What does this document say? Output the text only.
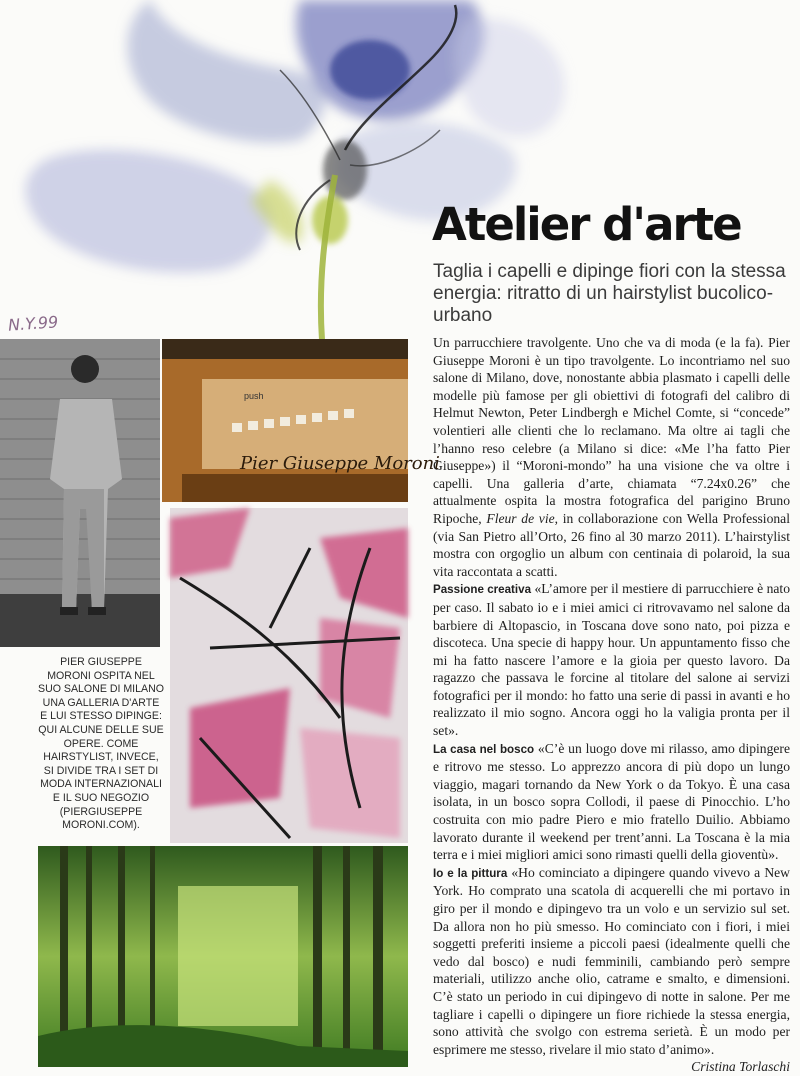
Atelier d'arte

Taglia i capelli e dipinge fiori con la stessa energia: ritratto di un hairstylist bucolico-urbano

N.Y.99
push
Pier Giuseppe Moroni

PIER GIUSEPPE MORONI OSPITA NEL SUO SALONE DI MILANO UNA GALLERIA D'ARTE E LUI STESSO DIPINGE: QUI ALCUNE DELLE SUE OPERE. COME HAIRSTYLIST, INVECE, SI DIVIDE TRA I SET DI MODA INTERNAZIONALI E IL SUO NEGOZIO (PIERGIUSEPPE MORONI.COM).

Un parrucchiere travolgente. Uno che va di moda (e la fa). Pier Giuseppe Moroni è un tipo travolgente. Lo incontriamo nel suo salone di Milano, dove, nonostante abbia plasmato i capelli delle modelle più famose per gli obiettivi di fotografi del calibro di Helmut Newton, Peter Lindbergh e Michel Comte, si “concede” volentieri alle clienti che lo reclamano. Ma oltre ai tagli che l’hanno reso celebre (a Milano si dice: «Me l’ha fatto Pier Giuseppe») il “Moroni-mondo” ha una visione che va oltre i capelli. Una galleria d’arte, chiamata “7.24x0.26” che attualmente ospita la mostra fotografica del parigino Bruno Ripoche, Fleur de vie, in collaborazione con Wella Professional (via San Pietro all’Orto, 26 fino al 30 marzo 2011). L’hairstylist mostra con orgoglio un album con centinaia di polaroid, la sua vita raccontata a scatti.

Passione creativa «L’amore per il mestiere di parrucchiere è nato per caso. Il sabato io e i miei amici ci ritrovavamo nel salone da barbiere di Altopascio, in Toscana dove sono nato, poi pizza e discoteca. Una specie di happy hour. Un appuntamento fisso che mi ha fatto nascere l’amore e la gioia per questo lavoro. Da ragazzo che passava le forcine al titolare del salone ai servizi fotografici per il mondo: ho fatto una serie di passi in avanti e ho realizzato il mio sogno. Ancora oggi ho la valigia pronta per il set».

La casa nel bosco «C’è un luogo dove mi rilasso, amo dipingere e ritrovo me stesso. Lo apprezzo ancora di più dopo un lungo viaggio, magari tornando da New York o da Tokyo. È una casa isolata, in un bosco sopra Collodi, il paese di Pinocchio. L’ho costruita con mio padre Piero e mio fratello Duilio. Abbiamo lavorato durante il weekend per trent’anni. La Toscana è la mia terra e i miei migliori amici sono rimasti quelli della gioventù».

Io e la pittura «Ho cominciato a dipingere quando vivevo a New York. Ho comprato una scatola di acquerelli che mi portavo in giro per il mondo e dipingevo tra un volo e un servizio sul set. Da allora non ho più smesso. Ho cominciato con i fiori, i miei soggetti preferiti insieme a piccoli paesi (idealmente quelli che vedo dal bosco) e nudi femminili, cambiando però sempre materiali, utilizzo anche olio, catrame e smalto, e dimensioni. C’è stato un periodo in cui dipingevo di notte in salone. Per me tagliare i capelli o dipingere un fiore richiede la stessa energia, sono attività che svolgo con estrema serietà. È un modo per esprimere me stesso, rivelare il mio stato d’animo».
Cristina Torlaschi
